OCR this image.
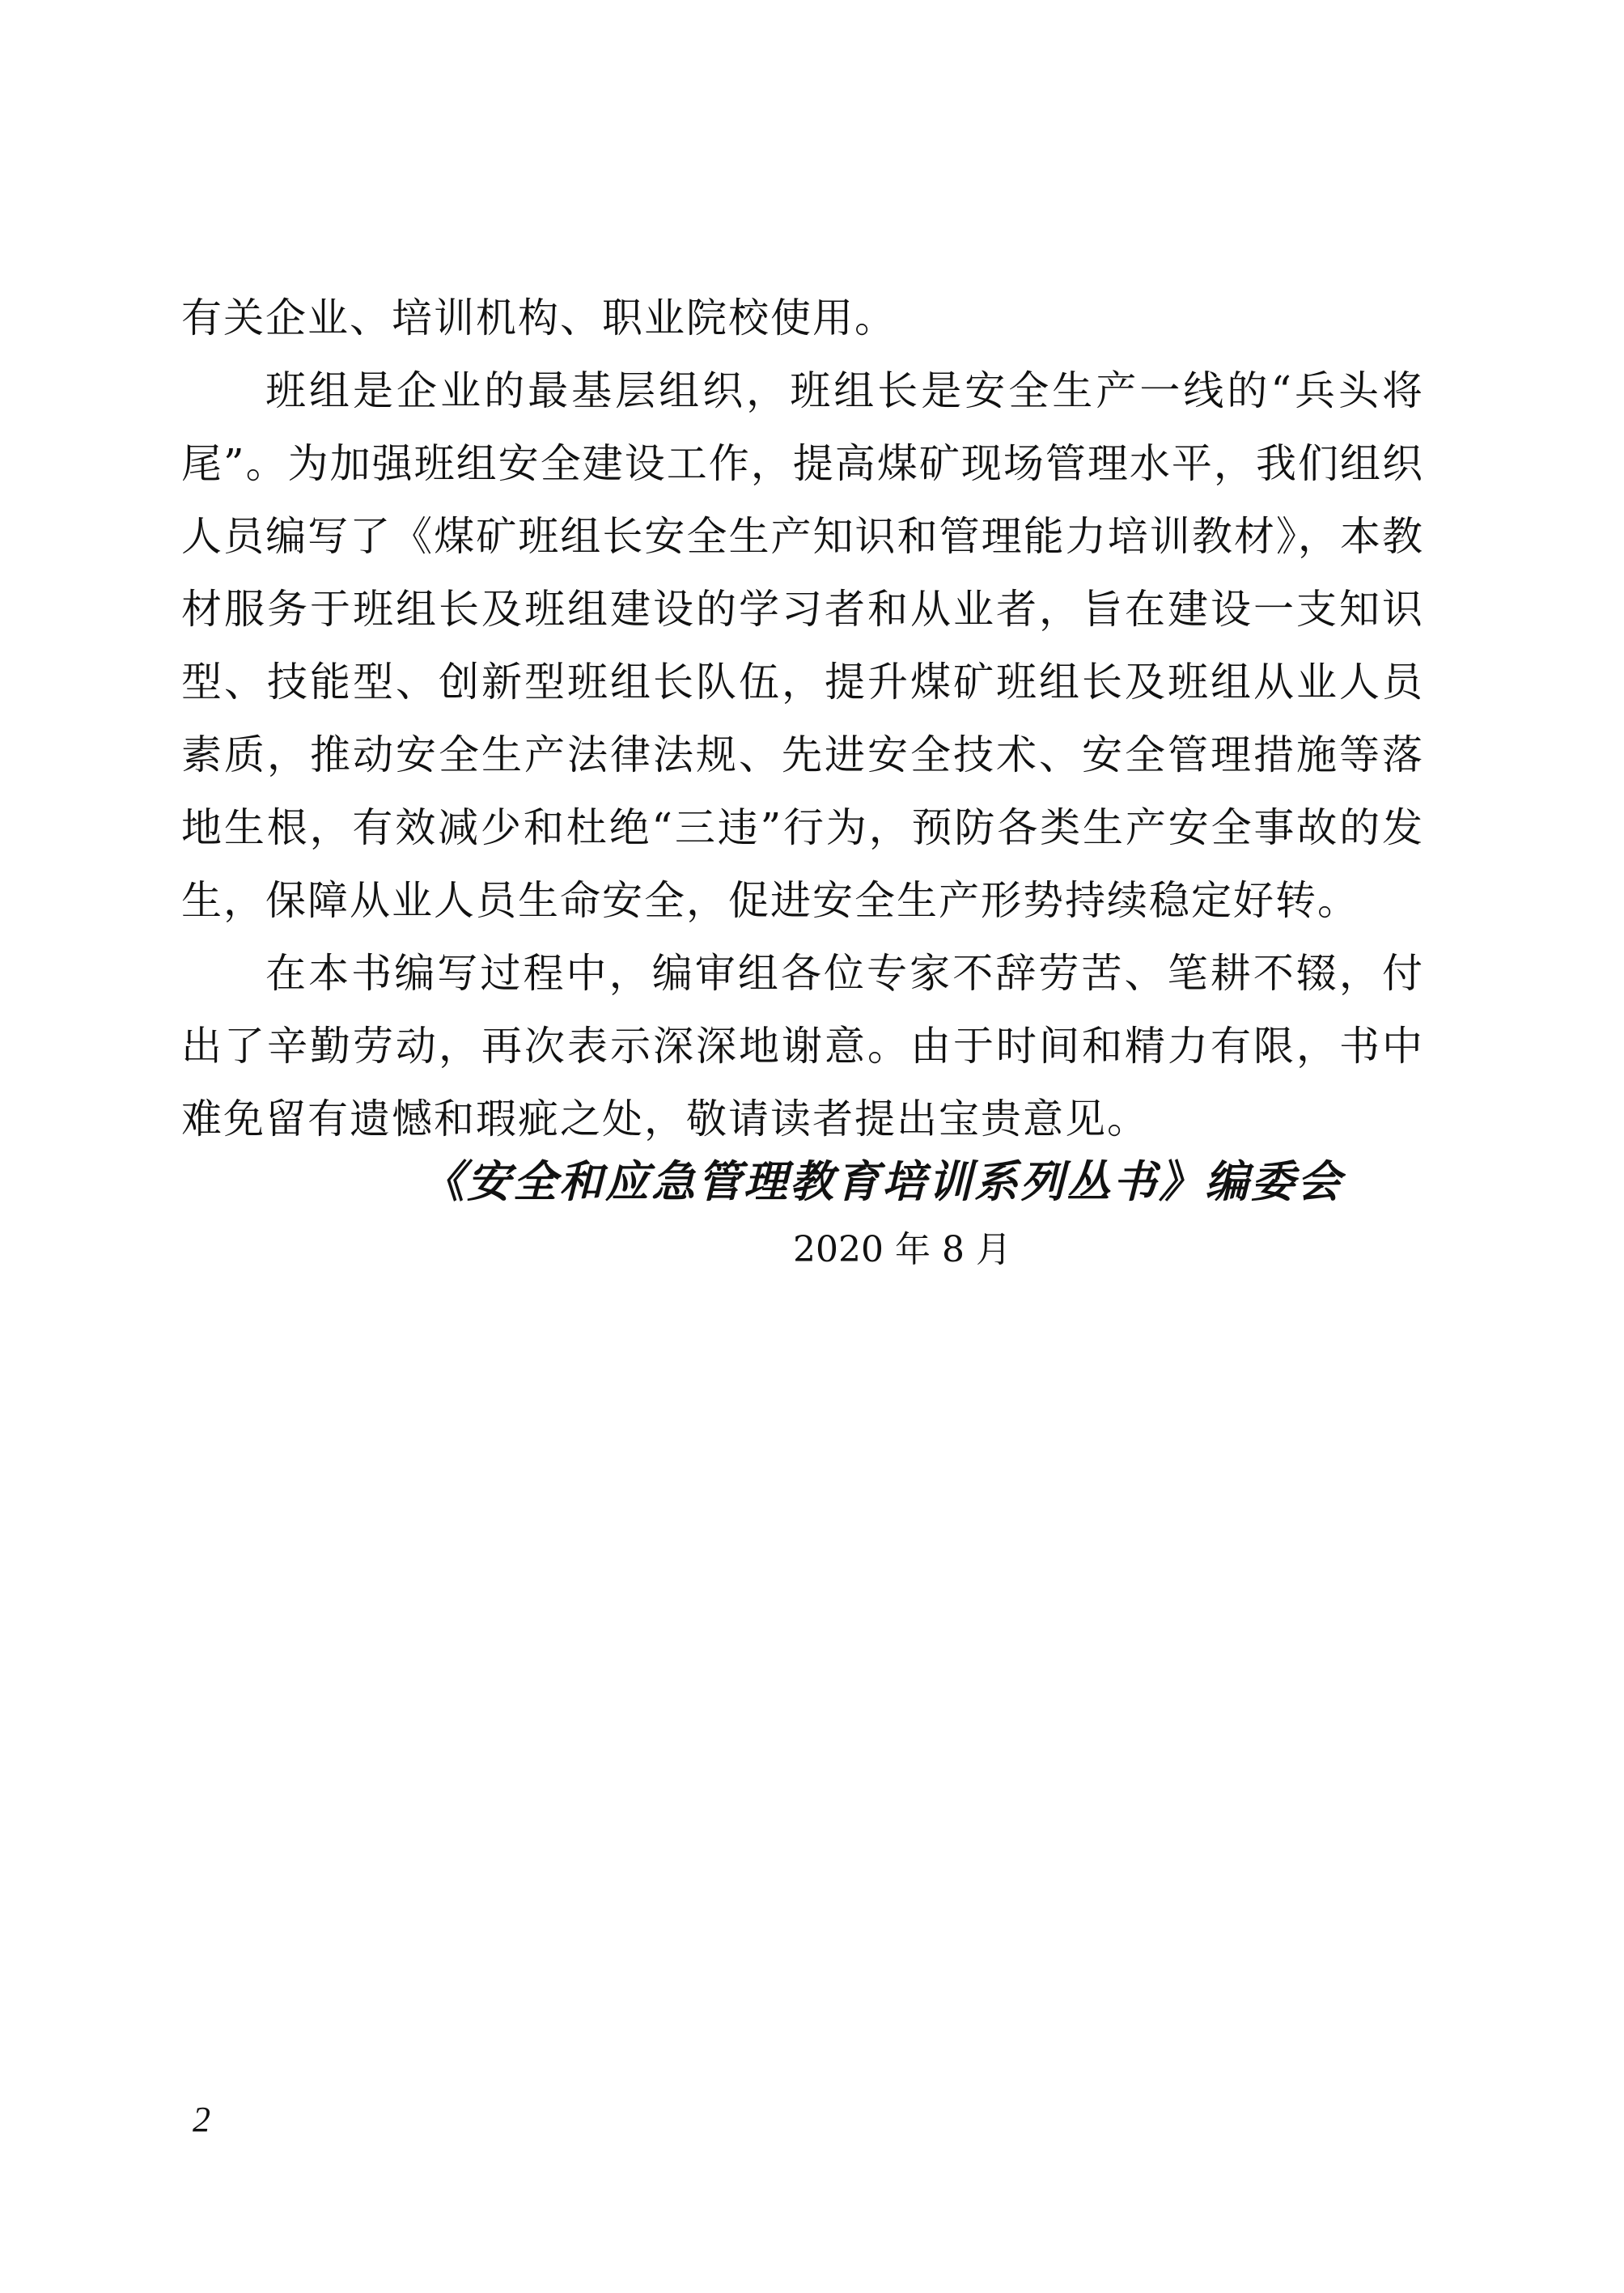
有关企业、培训机构、职业院校使用。

班组是企业的最基层组织，班组长是安全生产一线的“兵头将尾”。为加强班组安全建设工作，提高煤矿现场管理水平，我们组织人员编写了《煤矿班组长安全生产知识和管理能力培训教材》，本教材服务于班组长及班组建设的学习者和从业者，旨在建设一支知识型、技能型、创新型班组长队伍，提升煤矿班组长及班组从业人员素质，推动安全生产法律法规、先进安全技术、安全管理措施等落地生根，有效减少和杜绝“三违”行为，预防各类生产安全事故的发生，保障从业人员生命安全，促进安全生产形势持续稳定好转。

在本书编写过程中，编审组各位专家不辞劳苦、笔耕不辍，付出了辛勤劳动，再次表示深深地谢意。由于时间和精力有限，书中难免留有遗憾和瑕疵之处，敬请读者提出宝贵意见。

《安全和应急管理教育培训系列丛书》编委会
2020 年 8 月
2
